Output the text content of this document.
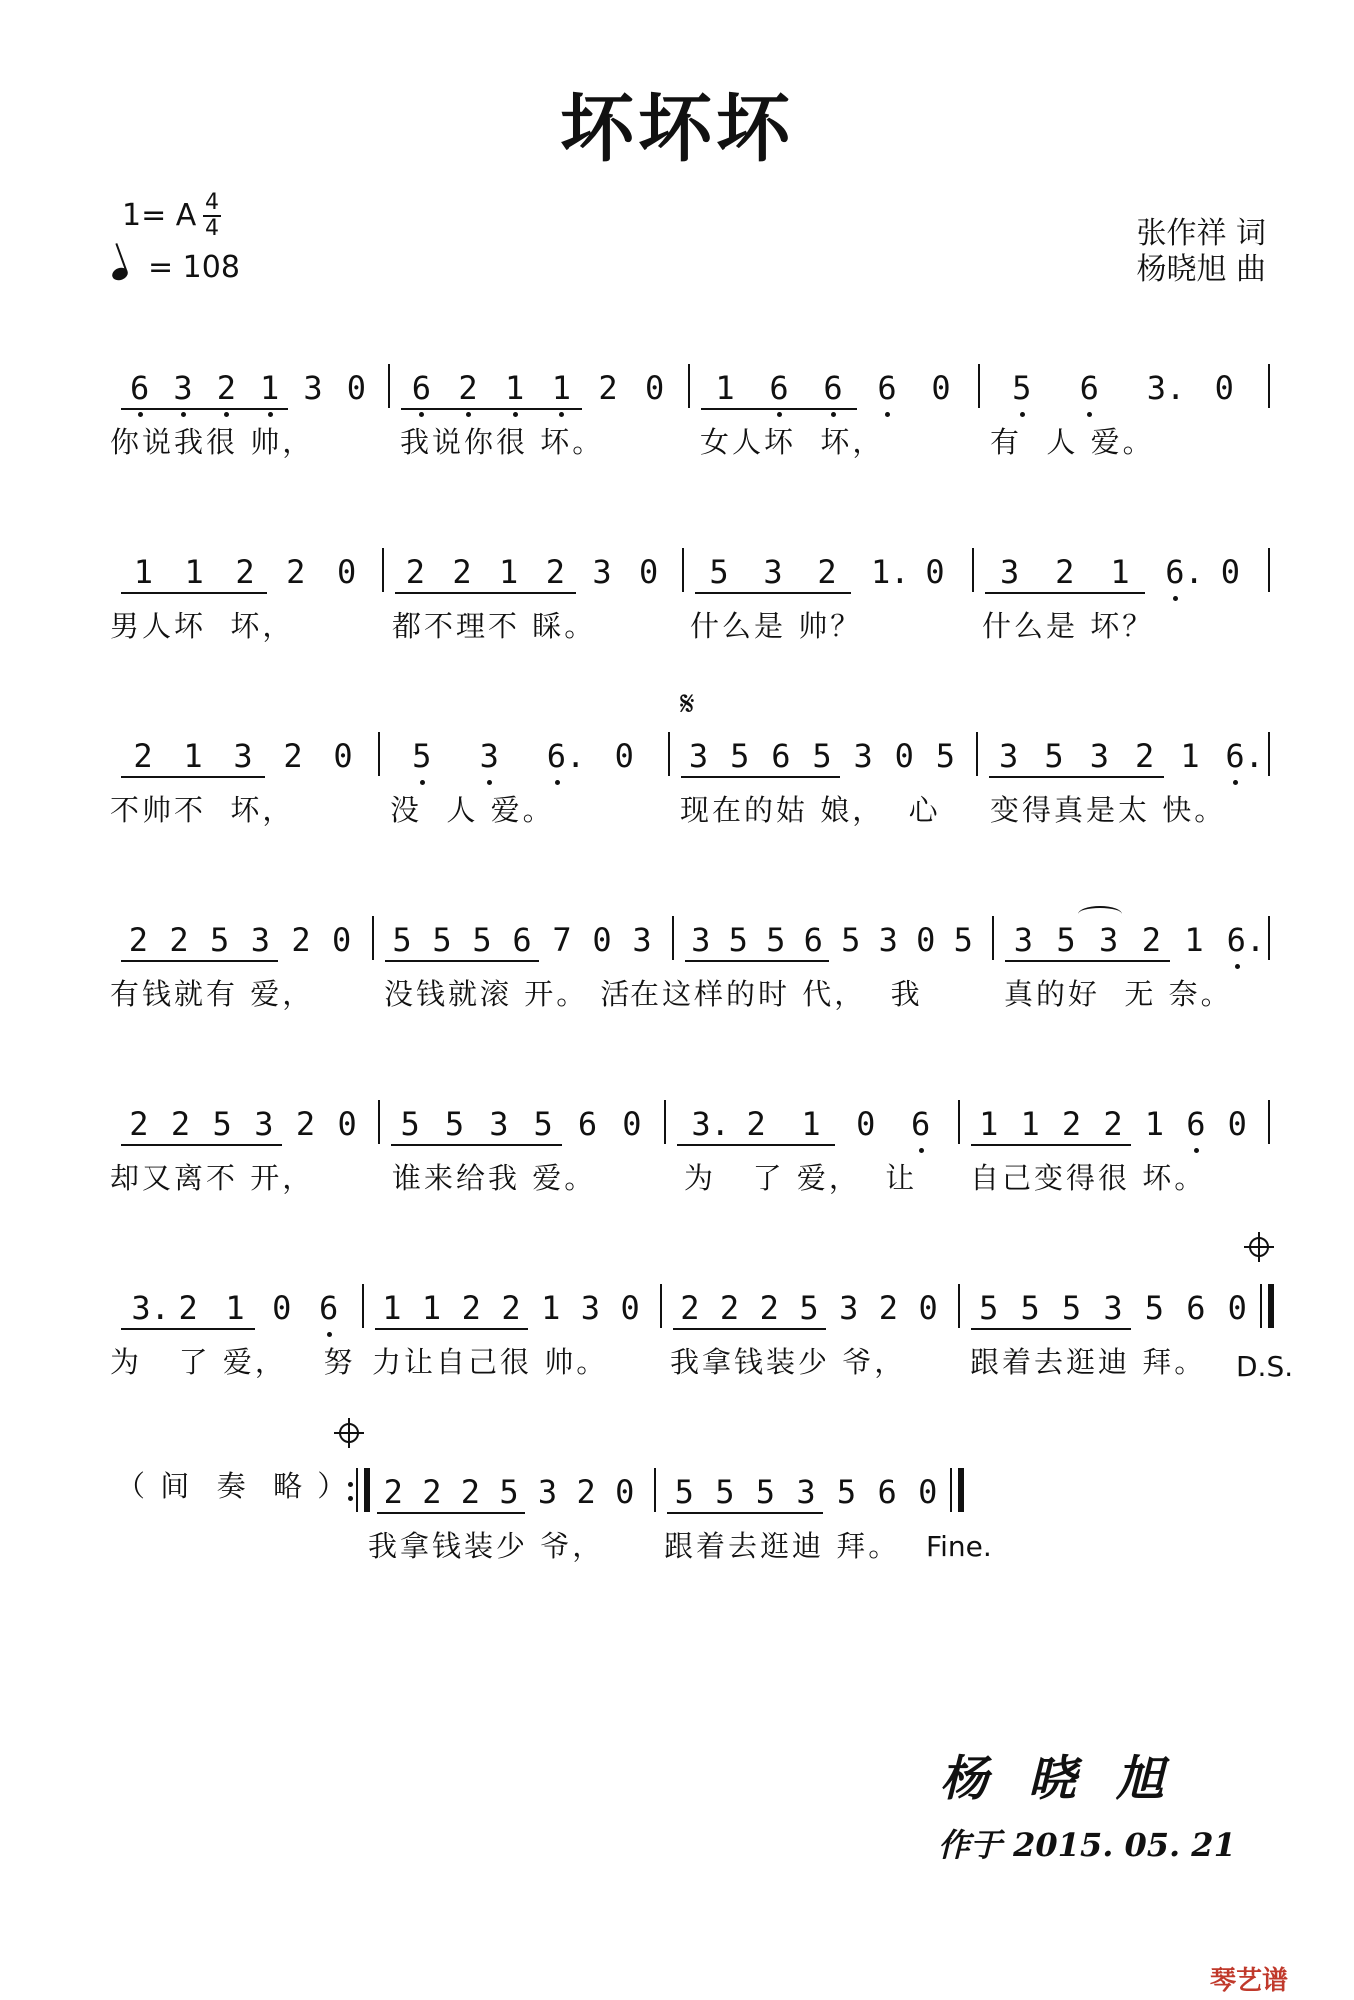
坏坏坏
1= A 4
4
= 108
张作祥 词
杨晓旭 曲
6 3 2 1 3 0 6 2 1 1 2 0 1 6 6 6 0 5 6 3. 0
你说我很 帅，	我说你很 坏。	女人坏  坏，	有  人 爱。
1 1 2 2 0 2 2 1 2 3 0 5 3 2 1. 0 3 2 1 6. 0
男人坏  坏，	都不理不 睬。	什么是 帅？	什么是 坏？
2 1 3 2 0 5 3 6. 0 3 5 6 5 3 0 5 3 5 3 2 1 6.
不帅不  坏，	没  人 爱。	现在的姑 娘，  心 变得真是太 快。
2 2 5 3 2 0 5 5 5 6 7 0 3 3 5 5 6 5 3 0 5 3 5 3 2 1 6.
有钱就有 爱， 没钱就滚 开。 活
在这样的时 代，  我	真的好  无 奈。
2 2 5 3 2 0 5 5 3 5 6 0 3. 2 1 0 6 1 1 2 2 1 6 0
却又离不 开，	谁来给我 爱。	为   了 爱，  让 自己变得很 坏。
3. 2 1 0 6 1 1 2 2 1 3 0 2 2 2 5 3 2 0 5 5 5 3 5 6 0
为   了 爱，   努 力让自己很 帅。 我拿钱装少 爷， 跟着去逛迪 拜。
2 2 2 5 3 2 0 5 5 5 3 5 6 0
我拿钱装少 爷， 跟着去逛迪 拜。
𝄋
D.S.
（ 间  奏  略 ）
Fine.
杨晓旭
作于 2015. 05. 21
琴艺谱
